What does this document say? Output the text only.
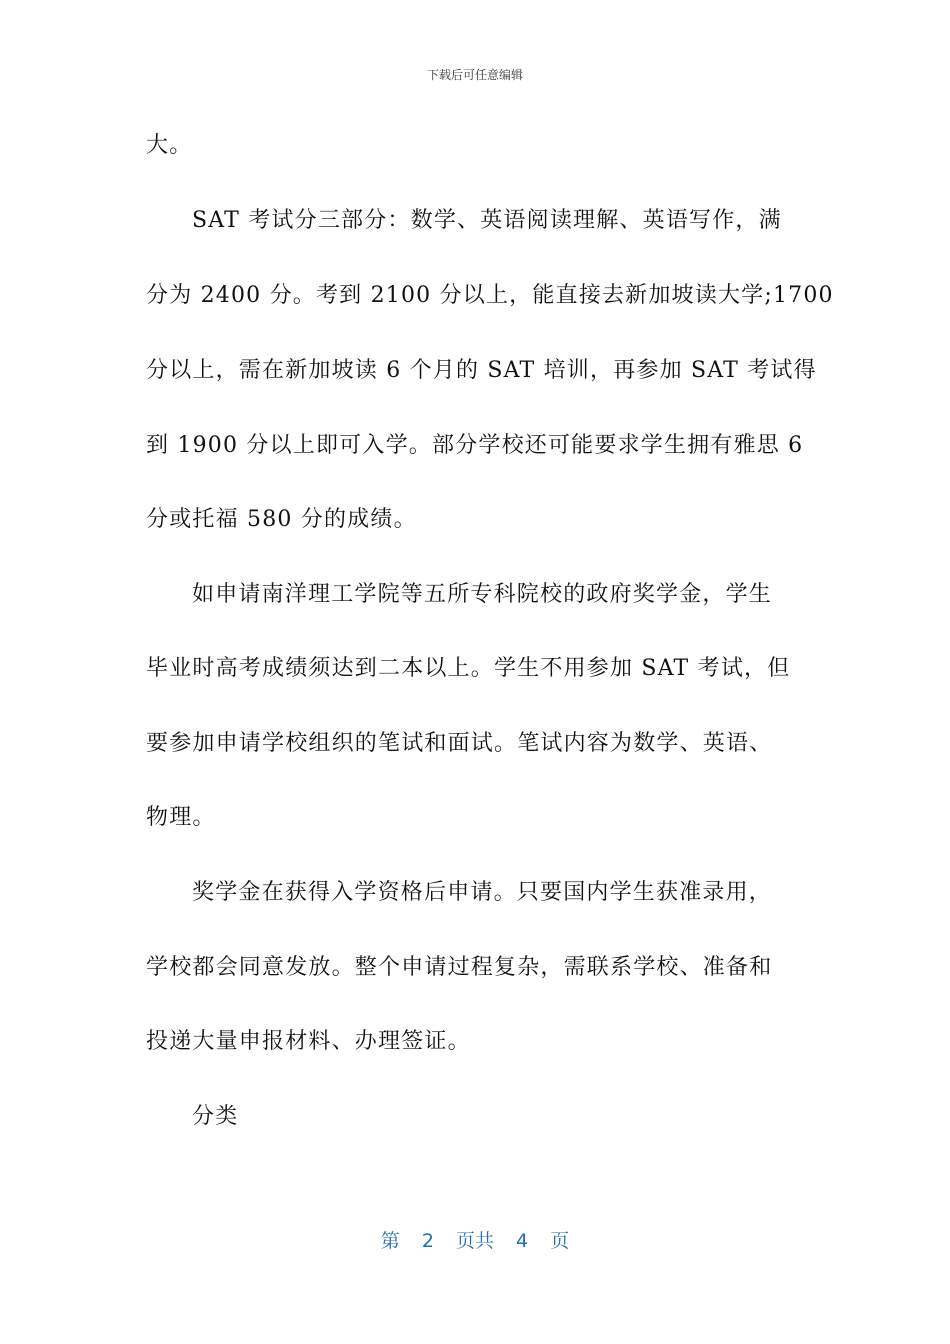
下载后可任意编辑
大。
SAT 考试分三部分：数学、英语阅读理解、英语写作，满
分为 2400 分。考到 2100 分以上，能直接去新加坡读大学;1700
分以上，需在新加坡读 6 个月的 SAT 培训，再参加 SAT 考试得
到 1900 分以上即可入学。部分学校还可能要求学生拥有雅思 6
分或托福 580 分的成绩。
如申请南洋理工学院等五所专科院校的政府奖学金，学生
毕业时高考成绩须达到二本以上。学生不用参加 SAT 考试，但
要参加申请学校组织的笔试和面试。笔试内容为数学、英语、
物理。
奖学金在获得入学资格后申请。只要国内学生获准录用，
学校都会同意发放。整个申请过程复杂，需联系学校、准备和
投递大量申报材料、办理签证。
分类
第 2 页共 4 页
